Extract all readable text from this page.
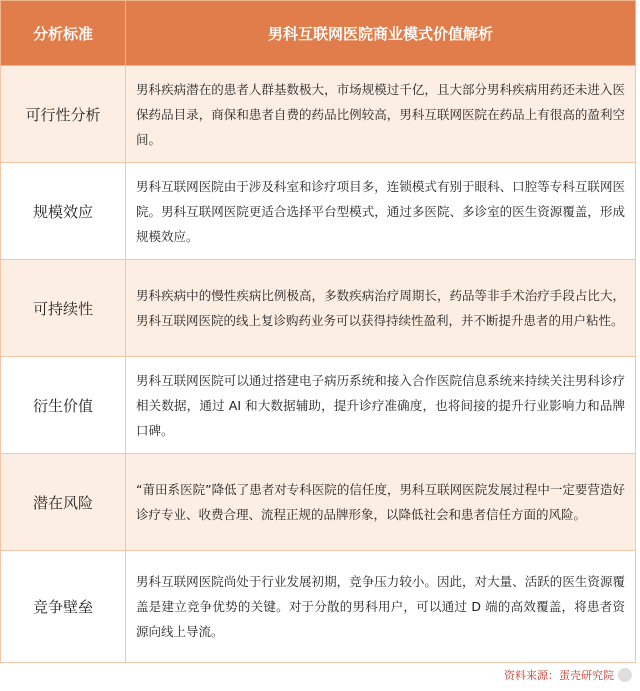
分析标准	男科互联网医院商业模式价值解析
可行性分析	男科疾病潜在的患者人群基数极大，市场规模过千亿，且大部分男科疾病用药还未进入医保药品目录，商保和患者自费的药品比例较高，男科互联网医院在药品上有很高的盈利空间。
规模效应	男科互联网医院由于涉及科室和诊疗项目多，连锁模式有别于眼科、口腔等专科互联网医院。男科互联网医院更适合选择平台型模式，通过多医院、多诊室的医生资源覆盖，形成规模效应。
可持续性	男科疾病中的慢性疾病比例极高，多数疾病治疗周期长，药品等非手术治疗手段占比大，男科互联网医院的线上复诊购药业务可以获得持续性盈利，并不断提升患者的用户粘性。
衍生价值	男科互联网医院可以通过搭建电子病历系统和接入合作医院信息系统来持续关注男科诊疗相关数据，通过 AI 和大数据辅助，提升诊疗准确度，也将间接的提升行业影响力和品牌口碑。
潜在风险	“莆田系医院”降低了患者对专科医院的信任度，男科互联网医院发展过程中一定要营造好诊疗专业、收费合理、流程正规的品牌形象，以降低社会和患者信任方面的风险。
竞争壁垒	男科互联网医院尚处于行业发展初期，竞争压力较小。因此，对大量、活跃的医生资源覆盖是建立竞争优势的关键。对于分散的男科用户，可以通过 D 端的高效覆盖，将患者资源向线上导流。
资料来源：蛋壳研究院
